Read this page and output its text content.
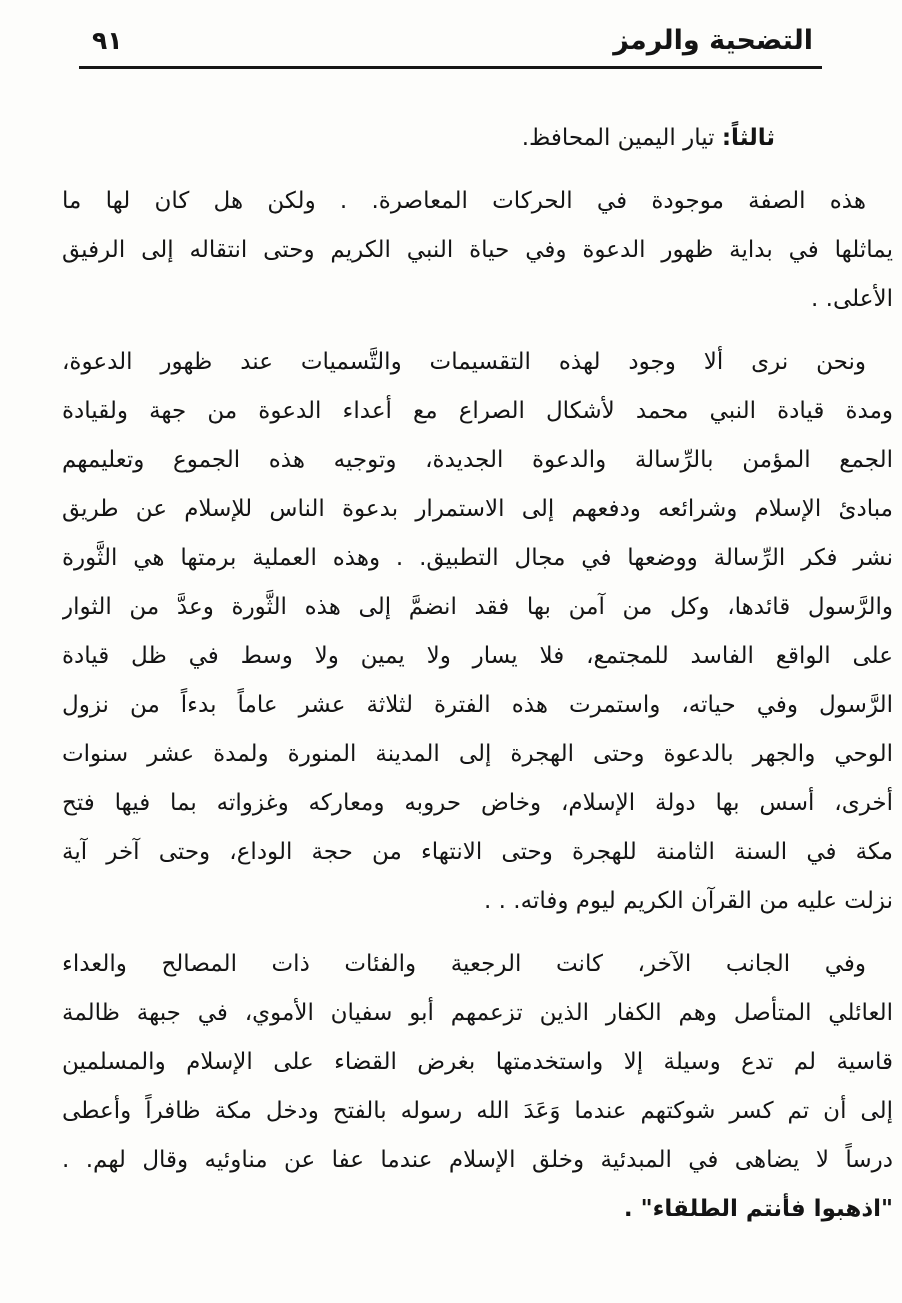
التضحية والرمز
٩١
ثالثاً: تيار اليمين المحافظ.
هذه الصفة موجودة في الحركات المعاصرة. . ولكن هل كان لها ما
يماثلها في بداية ظهور الدعوة وفي حياة النبي الكريم وحتى انتقاله إلى الرفيق
الأعلى. .
ونحن نرى ألا وجود لهذه التقسيمات والتَّسميات عند ظهور الدعوة،
ومدة قيادة النبي محمد لأشكال الصراع مع أعداء الدعوة من جهة ولقيادة
الجمع المؤمن بالرِّسالة والدعوة الجديدة، وتوجيه هذه الجموع وتعليمهم
مبادئ الإسلام وشرائعه ودفعهم إلى الاستمرار بدعوة الناس للإسلام عن طريق
نشر فكر الرِّسالة ووضعها في مجال التطبيق. . وهذه العملية برمتها هي الثَّورة
والرَّسول قائدها، وكل من آمن بها فقد انضمَّ إلى هذه الثَّورة وعدَّ من الثوار
على الواقع الفاسد للمجتمع، فلا يسار ولا يمين ولا وسط في ظل قيادة
الرَّسول وفي حياته، واستمرت هذه الفترة لثلاثة عشر عاماً بدءاً من نزول
الوحي والجهر بالدعوة وحتى الهجرة إلى المدينة المنورة ولمدة عشر سنوات
أخرى، أسس بها دولة الإسلام، وخاض حروبه ومعاركه وغزواته بما فيها فتح
مكة في السنة الثامنة للهجرة وحتى الانتهاء من حجة الوداع، وحتى آخر آية
نزلت عليه من القرآن الكريم ليوم وفاته. . .
وفي الجانب الآخر، كانت الرجعية والفئات ذات المصالح والعداء
العائلي المتأصل وهم الكفار الذين تزعمهم أبو سفيان الأموي، في جبهة ظالمة
قاسية لم تدع وسيلة إلا واستخدمتها بغرض القضاء على الإسلام والمسلمين
إلى أن تم كسر شوكتهم عندما وَعَدَ الله رسوله بالفتح ودخل مكة ظافراً وأعطى
درساً لا يضاهى في المبدئية وخلق الإسلام عندما عفا عن مناوئيه وقال لهم. .
"اذهبوا فأنتم الطلقاء" .
